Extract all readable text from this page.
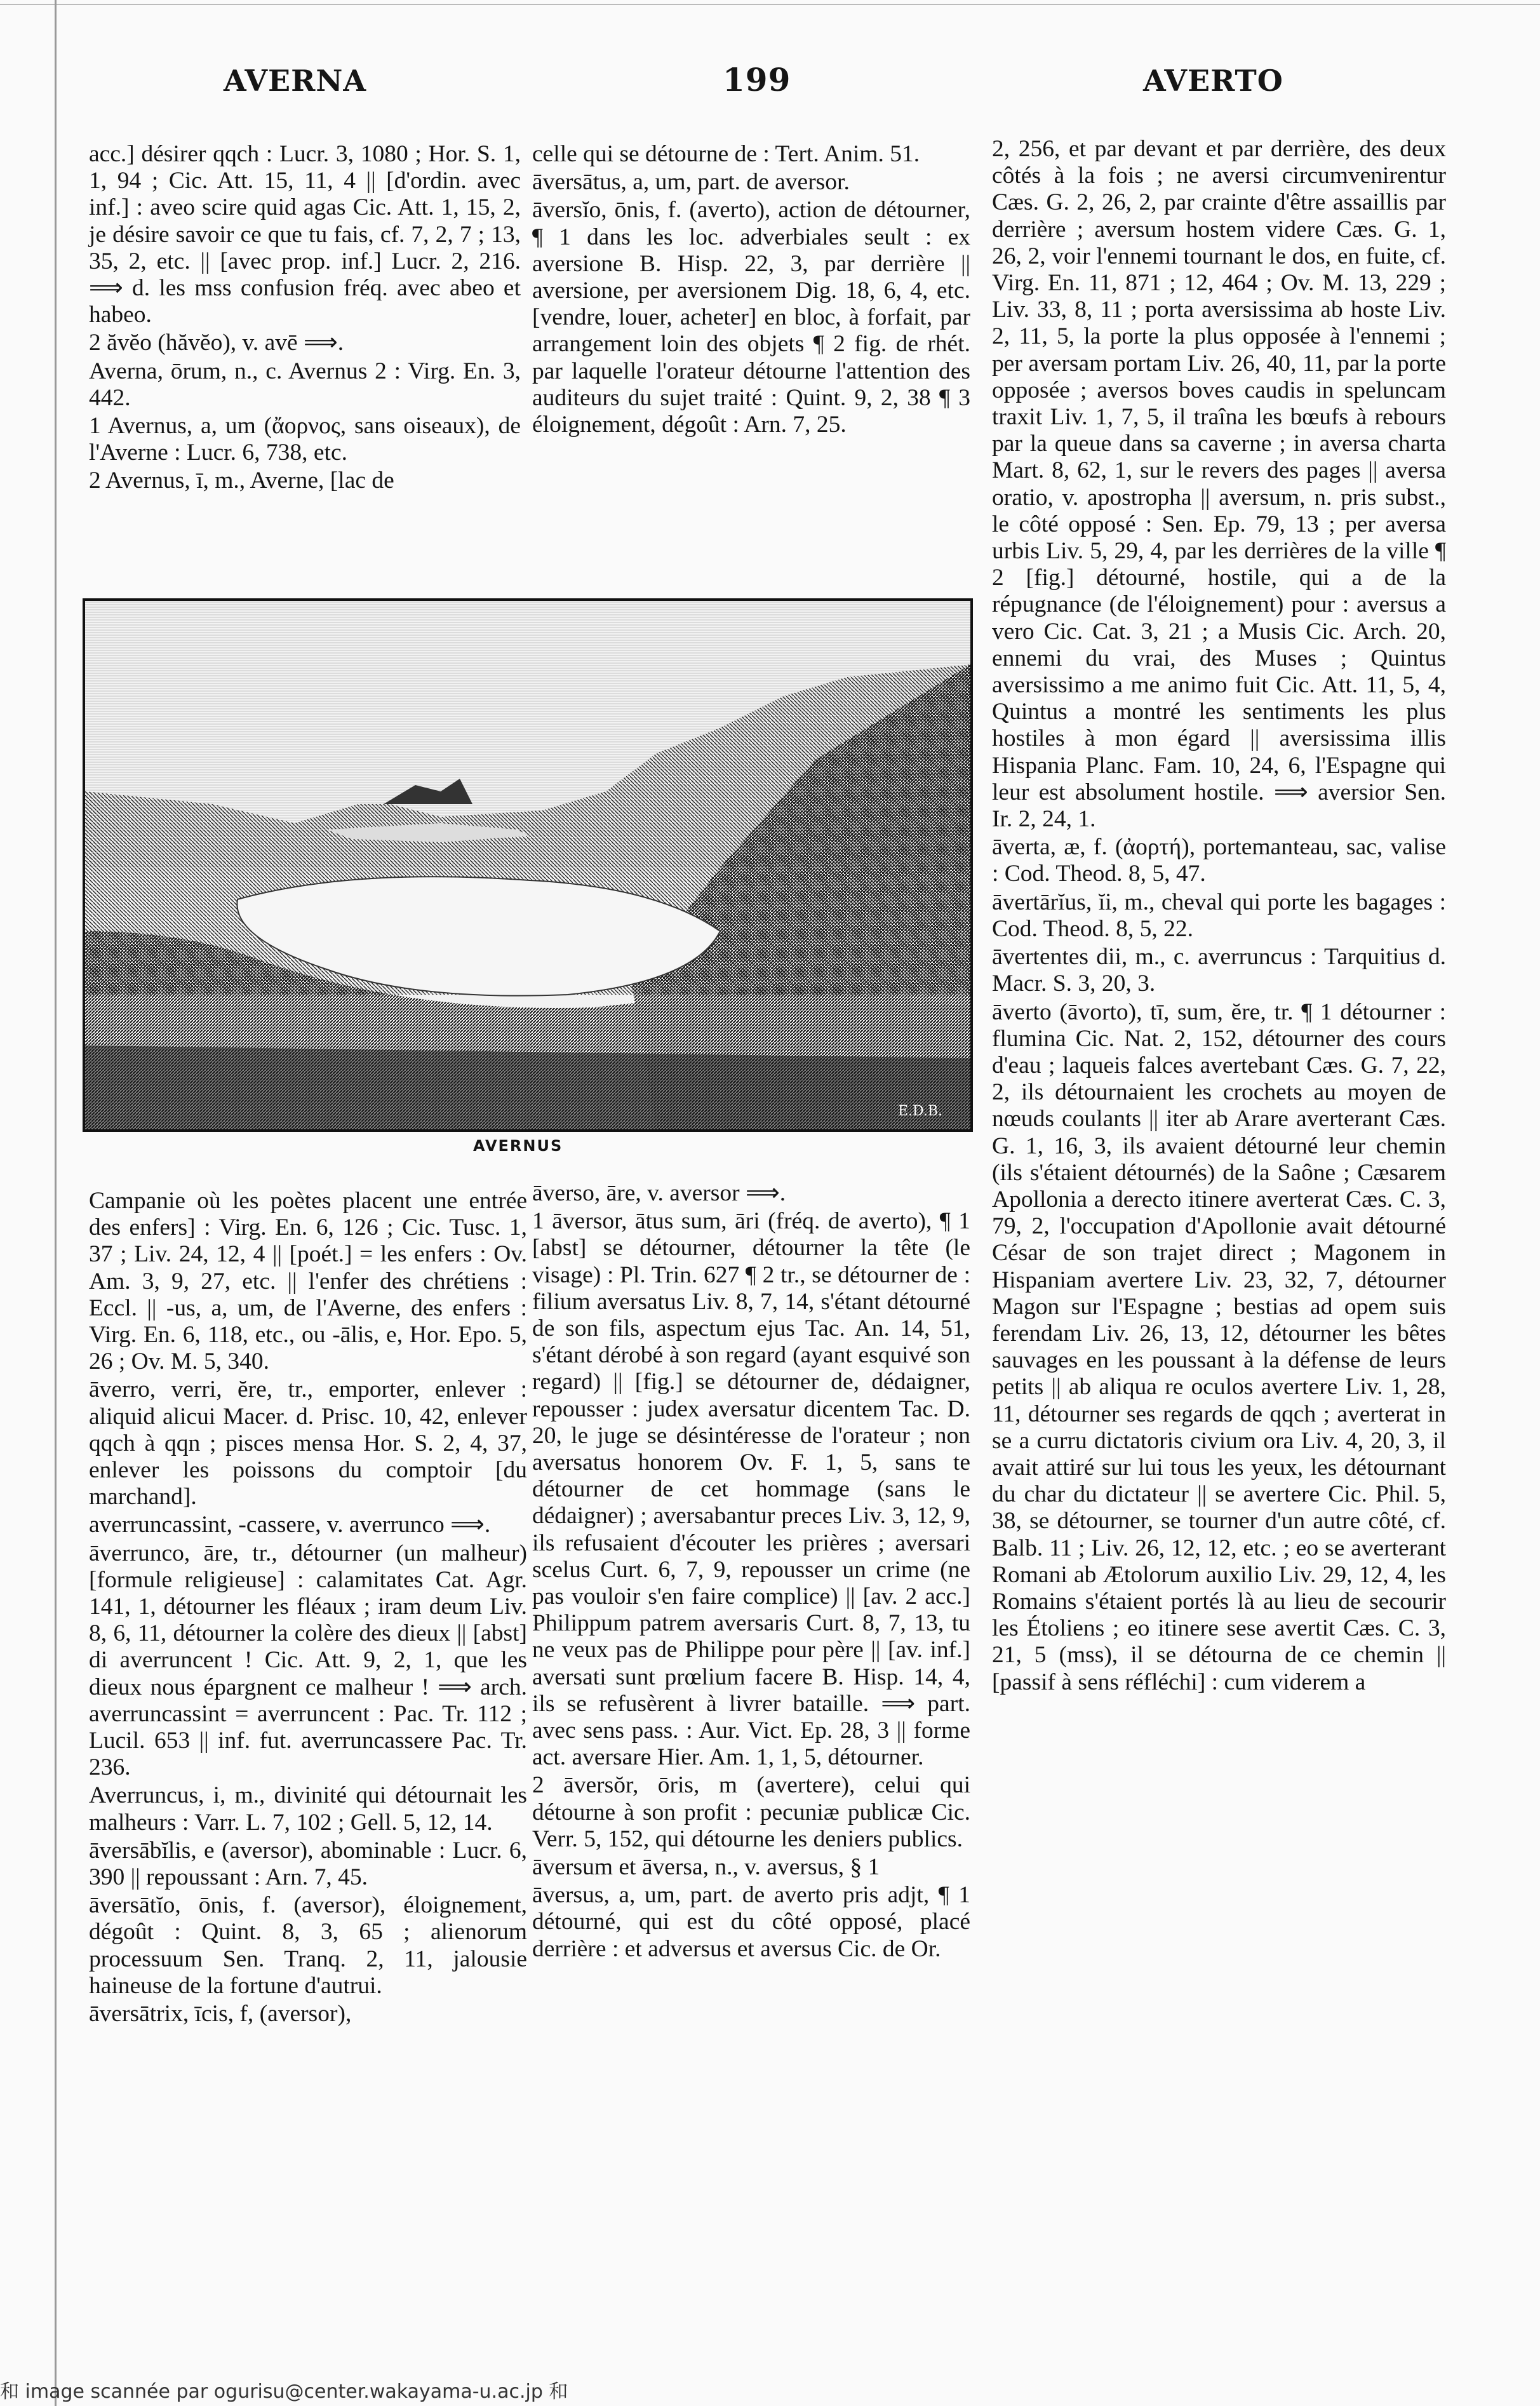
AVERNA	199	AVERTO

acc.] désirer qqch : Lucr. 3, 1080 ; Hor. S. 1, 1, 94 ; Cic. Att. 15, 11, 4 || [d'ordin. avec inf.] : aveo scire quid agas Cic. Att. 1, 15, 2, je désire savoir ce que tu fais, cf. 7, 2, 7 ; 13, 35, 2, etc. || [avec prop. inf.] Lucr. 2, 216. ⟹ d. les mss confusion fréq. avec abeo et habeo.

2 ăvĕo (hăvĕo), v. avē ⟹.

Averna, ōrum, n., c. Avernus 2 : Virg. En. 3, 442.

1 Avernus, a, um (ἄορνος, sans oiseaux), de l'Averne : Lucr. 6, 738, etc.

2 Avernus, ī, m., Averne, [lac de

celle qui se détourne de : Tert. Anim. 51.

āversātus, a, um, part. de aversor.

āversĭo, ōnis, f. (averto), action de détourner, ¶ 1 dans les loc. adverbiales seult : ex aversione B. Hisp. 22, 3, par derrière || aversione, per aversionem Dig. 18, 6, 4, etc. [vendre, louer, acheter] en bloc, à forfait, par arrangement loin des objets ¶ 2 fig. de rhét. par laquelle l'orateur détourne l'attention des auditeurs du sujet traité : Quint. 9, 2, 38 ¶ 3 éloignement, dégoût : Arn. 7, 25.

2, 256, et par devant et par derrière, des deux côtés à la fois ; ne aversi circumvenirentur Cæs. G. 2, 26, 2, par crainte d'être assaillis par derrière ; aversum hostem videre Cæs. G. 1, 26, 2, voir l'ennemi tournant le dos, en fuite, cf. Virg. En. 11, 871 ; 12, 464 ; Ov. M. 13, 229 ; Liv. 33, 8, 11 ; porta aversissima ab hoste Liv. 2, 11, 5, la porte la plus opposée à l'ennemi ; per aversam portam Liv. 26, 40, 11, par la porte opposée ; aversos boves caudis in speluncam traxit Liv. 1, 7, 5, il traîna les bœufs à rebours par la queue dans sa caverne ; in aversa charta Mart. 8, 62, 1, sur le revers des pages || aversa oratio, v. apostropha || aversum, n. pris subst., le côté opposé : Sen. Ep. 79, 13 ; per aversa urbis Liv. 5, 29, 4, par les derrières de la ville ¶ 2 [fig.] détourné, hostile, qui a de la répugnance (de l'éloignement) pour : aversus a vero Cic. Cat. 3, 21 ; a Musis Cic. Arch. 20, ennemi du vrai, des Muses ; Quintus aversissimo a me animo fuit Cic. Att. 11, 5, 4, Quintus a montré les sentiments les plus hostiles à mon égard || aversissima illis Hispania Planc. Fam. 10, 24, 6, l'Espagne qui leur est absolument hostile. ⟹ aversior Sen. Ir. 2, 24, 1.

āverta, æ, f. (ἀορτή), portemanteau, sac, valise : Cod. Theod. 8, 5, 47.

āvertārĭus, ĭi, m., cheval qui porte les bagages : Cod. Theod. 8, 5, 22.

āvertentes dii, m., c. averruncus : Tarquitius d. Macr. S. 3, 20, 3.

āverto (āvorto), tī, sum, ĕre, tr. ¶ 1 détourner : flumina Cic. Nat. 2, 152, détourner des cours d'eau ; laqueis falces avertebant Cæs. G. 7, 22, 2, ils détournaient les crochets au moyen de nœuds coulants || iter ab Arare averterant Cæs. G. 1, 16, 3, ils avaient détourné leur chemin (ils s'étaient détournés) de la Saône ; Cæsarem Apollonia a derecto itinere averterat Cæs. C. 3, 79, 2, l'occupation d'Apollonie avait détourné César de son trajet direct ; Magonem in Hispaniam avertere Liv. 23, 32, 7, détourner Magon sur l'Espagne ; bestias ad opem suis ferendam Liv. 26, 13, 12, détourner les bêtes sauvages en les poussant à la défense de leurs petits || ab aliqua re oculos avertere Liv. 1, 28, 11, détourner ses regards de qqch ; averterat in se a curru dictatoris civium ora Liv. 4, 20, 3, il avait attiré sur lui tous les yeux, les détournant du char du dictateur || se avertere Cic. Phil. 5, 38, se détourner, se tourner d'un autre côté, cf. Balb. 11 ; Liv. 26, 12, 12, etc. ; eo se averterant Romani ab Ætolorum auxilio Liv. 29, 12, 4, les Romains s'étaient portés là au lieu de secourir les Étoliens ; eo itinere sese avertit Cæs. C. 3, 21, 5 (mss), il se détourna de ce chemin || [passif à sens réfléchi] : cum viderem a

E.D.B.
AVERNUS

Campanie où les poètes placent une entrée des enfers] : Virg. En. 6, 126 ; Cic. Tusc. 1, 37 ; Liv. 24, 12, 4 || [poét.] = les enfers : Ov. Am. 3, 9, 27, etc. || l'enfer des chrétiens : Eccl. || -us, a, um, de l'Averne, des enfers : Virg. En. 6, 118, etc., ou -ālis, e, Hor. Epo. 5, 26 ; Ov. M. 5, 340.

āverro, verri, ĕre, tr., emporter, enlever : aliquid alicui Macer. d. Prisc. 10, 42, enlever qqch à qqn ; pisces mensa Hor. S. 2, 4, 37, enlever les poissons du comptoir [du marchand].

averruncassint, -cassere, v. averrunco ⟹.

āverrunco, āre, tr., détourner (un malheur) [formule religieuse] : calamitates Cat. Agr. 141, 1, détourner les fléaux ; iram deum Liv. 8, 6, 11, détourner la colère des dieux || [abst] di averruncent ! Cic. Att. 9, 2, 1, que les dieux nous épargnent ce malheur ! ⟹ arch. averruncassint = averruncent : Pac. Tr. 112 ; Lucil. 653 || inf. fut. averruncassere Pac. Tr. 236.

Averruncus, i, m., divinité qui détournait les malheurs : Varr. L. 7, 102 ; Gell. 5, 12, 14.

āversābĭlis, e (aversor), abominable : Lucr. 6, 390 || repoussant : Arn. 7, 45.

āversātĭo, ōnis, f. (aversor), éloignement, dégoût : Quint. 8, 3, 65 ; alienorum processuum Sen. Tranq. 2, 11, jalousie haineuse de la fortune d'autrui.

āversātrix, īcis, f, (aversor),

āverso, āre, v. aversor ⟹.

1 āversor, ātus sum, āri (fréq. de averto), ¶ 1 [abst] se détourner, détourner la tête (le visage) : Pl. Trin. 627 ¶ 2 tr., se détourner de : filium aversatus Liv. 8, 7, 14, s'étant détourné de son fils, aspectum ejus Tac. An. 14, 51, s'étant dérobé à son regard (ayant esquivé son regard) || [fig.] se détourner de, dédaigner, repousser : judex aversatur dicentem Tac. D. 20, le juge se désintéresse de l'orateur ; non aversatus honorem Ov. F. 1, 5, sans te détourner de cet hommage (sans le dédaigner) ; aversabantur preces Liv. 3, 12, 9, ils refusaient d'écouter les prières ; aversari scelus Curt. 6, 7, 9, repousser un crime (ne pas vouloir s'en faire complice) || [av. 2 acc.] Philippum patrem aversaris Curt. 8, 7, 13, tu ne veux pas de Philippe pour père || [av. inf.] aversati sunt prœlium facere B. Hisp. 14, 4, ils se refusèrent à livrer bataille. ⟹ part. avec sens pass. : Aur. Vict. Ep. 28, 3 || forme act. aversare Hier. Am. 1, 1, 5, détourner.

2 āversŏr, ōris, m (avertere), celui qui détourne à son profit : pecuniæ publicæ Cic. Verr. 5, 152, qui détourne les deniers publics.

āversum et āversa, n., v. aversus, § 1

āversus, a, um, part. de averto pris adjt, ¶ 1 détourné, qui est du côté opposé, placé derrière : et adversus et aversus Cic. de Or.

和 image scannée par ogurisu@center.wakayama-u.ac.jp 和
